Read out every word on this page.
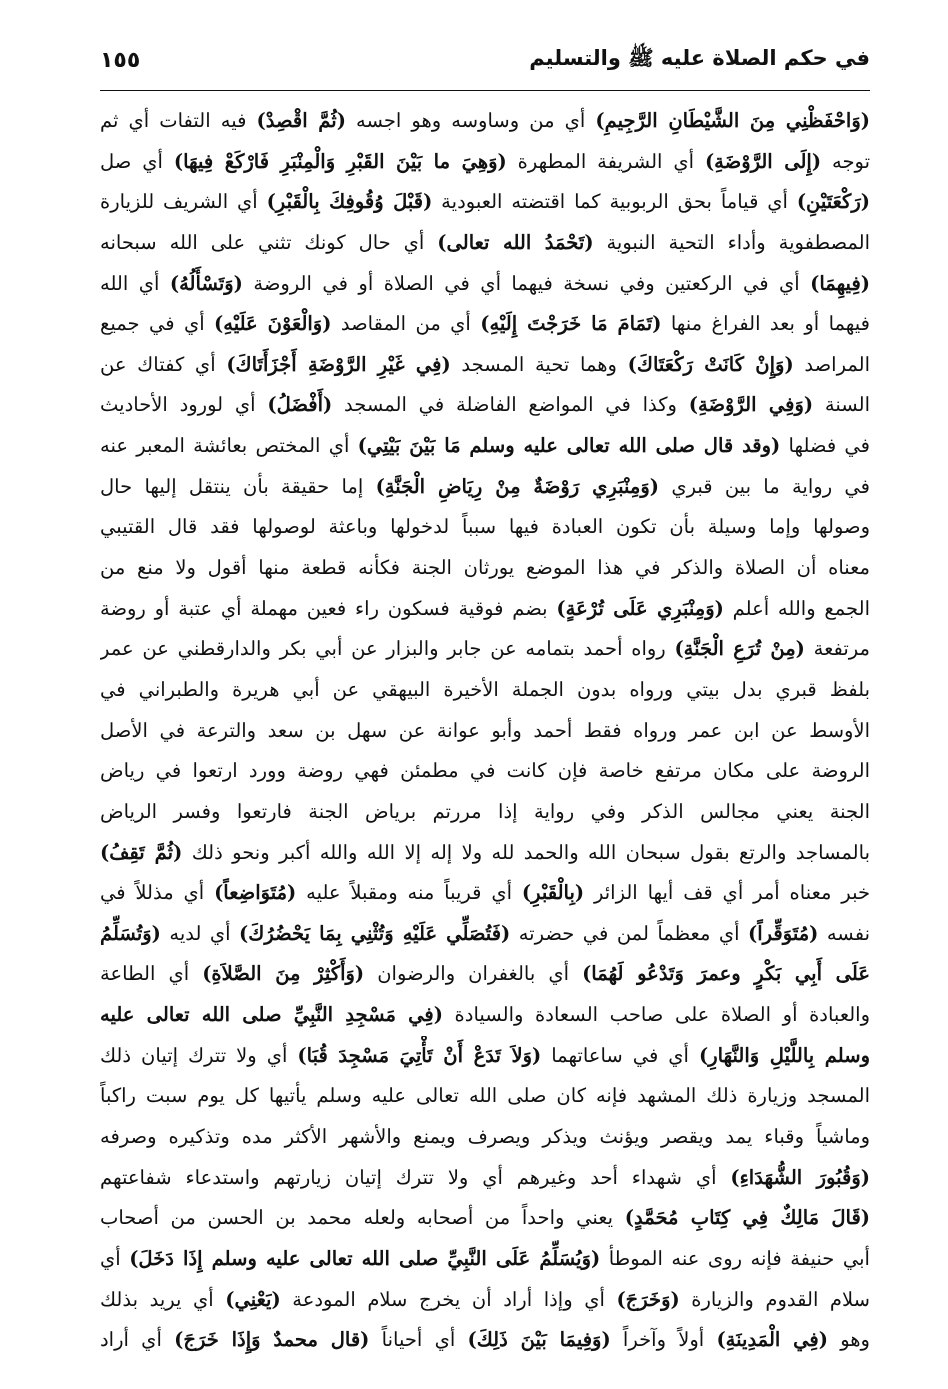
في حكم الصلاة عليه ﷺ والتسليم
١٥٥
(وَاحْفَظْنِي مِنَ الشَّيْطَانِ الرَّجِيمِ) أي من وساوسه وهو اجسه (ثُمَّ اقْصِدْ) فيه التفات أي ثم
توجه (إِلَى الرَّوْضَةِ) أي الشريفة المطهرة (وَهِيَ ما بَيْنَ القَبْرِ وَالْمِنْبَرِ فَارْكَعْ فِيهَا) أي صل
(رَكْعَتَيْنِ) أي قياماً بحق الربوبية كما اقتضته العبودية (قَبْلَ وُقُوفِكَ بِالْقَبْرِ) أي الشريف للزيارة
المصطفوية وأداء التحية النبوية (تَحْمَدُ الله تعالى) أي حال كونك تثني على الله سبحانه
(فِيهِمَا) أي في الركعتين وفي نسخة فيهما أي في الصلاة أو في الروضة (وَتَسْأَلُهُ) أي الله
فيهما أو بعد الفراغ منها (تَمَامَ مَا خَرَجْتَ إِلَيْهِ) أي من المقاصد (وَالْعَوْنَ عَلَيْهِ) أي في جميع
المراصد (وَإِنْ كَانَتْ رَكْعَتَاكَ) وهما تحية المسجد (فِي غَيْرِ الرَّوْضَةِ أَجْزَأَتَاكَ) أي كفتاك عن
السنة (وَفِي الرَّوْضَةِ) وكذا في المواضع الفاضلة في المسجد (أَفْضَلُ) أي لورود الأحاديث
في فضلها (وقد قال صلى الله تعالى عليه وسلم مَا بَيْنَ بَيْتِي) أي المختص بعائشة المعبر عنه
في رواية ما بين قبري (وَمِنْبَرِي رَوْضَةٌ مِنْ رِيَاضِ الْجَنَّةِ) إما حقيقة بأن ينتقل إليها حال
وصولها وإما وسيلة بأن تكون العبادة فيها سبباً لدخولها وباعثة لوصولها فقد قال القتيبي
معناه أن الصلاة والذكر في هذا الموضع يورثان الجنة فكأنه قطعة منها أقول ولا منع من
الجمع والله أعلم (وَمِنْبَرِي عَلَى تُرْعَةٍ) بضم فوقية فسكون راء فعين مهملة أي عتبة أو روضة
مرتفعة (مِنْ تُرَعِ الْجَنَّةِ) رواه أحمد بتمامه عن جابر والبزار عن أبي بكر والدارقطني عن عمر
بلفظ قبري بدل بيتي ورواه بدون الجملة الأخيرة البيهقي عن أبي هريرة والطبراني في
الأوسط عن ابن عمر ورواه فقط أحمد وأبو عوانة عن سهل بن سعد والترعة في الأصل
الروضة على مكان مرتفع خاصة فإن كانت في مطمئن فهي روضة وورد ارتعوا في رياض
الجنة يعني مجالس الذكر وفي رواية إذا مررتم برياض الجنة فارتعوا وفسر الرياض
بالمساجد والرتع بقول سبحان الله والحمد لله ولا إله إلا الله والله أكبر ونحو ذلك (ثُمَّ تَقِفُ)
خبر معناه أمر أي قف أيها الزائر (بِالْقَبْرِ) أي قريباً منه ومقبلاً عليه (مُتَوَاضِعاً) أي مذللاً في
نفسه (مُتَوَقِّراً) أي معظماً لمن في حضرته (فَتُصَلِّي عَلَيْهِ وَتُثْنِي بِمَا يَحْضُرُكَ) أي لديه (وَتُسَلِّمُ
عَلَى أَبِي بَكْرٍ وعمرَ وَتَدْعُو لَهُمَا) أي بالغفران والرضوان (وَأَكْثِرْ مِنَ الصَّلاَةِ) أي الطاعة
والعبادة أو الصلاة على صاحب السعادة والسيادة (فِي مَسْجِدِ النَّبِيِّ صلى الله تعالى عليه
وسلم بِاللَّيْلِ وَالنَّهَارِ) أي في ساعاتهما (وَلاَ تَدَعْ أَنْ تَأْتِيَ مَسْجِدَ قُبَا) أي ولا تترك إتيان ذلك
المسجد وزيارة ذلك المشهد فإنه كان صلى الله تعالى عليه وسلم يأتيها كل يوم سبت راكباً
وماشياً وقباء يمد ويقصر ويؤنث ويذكر ويصرف ويمنع والأشهر الأكثر مده وتذكيره وصرفه
(وَقُبُورَ الشُّهَدَاءِ) أي شهداء أحد وغيرهم أي ولا تترك إتيان زيارتهم واستدعاء شفاعتهم
(قَالَ مَالِكٌ فِي كِتَابِ مُحَمَّدٍ) يعني واحداً من أصحابه ولعله محمد بن الحسن من أصحاب
أبي حنيفة فإنه روى عنه الموطأ (وَيُسَلِّمُ عَلَى النَّبِيِّ صلى الله تعالى عليه وسلم إِذَا دَخَلَ) أي
سلام القدوم والزيارة (وَخَرَجَ) أي وإذا أراد أن يخرج سلام المودعة (يَعْنِي) أي يريد بذلك
وهو (فِي الْمَدِينَةِ) أولاً وآخراً (وَفِيمَا بَيْنَ ذَلِكَ) أي أحياناً (قال محمدٌ وَإِذَا خَرَجَ) أي أراد
